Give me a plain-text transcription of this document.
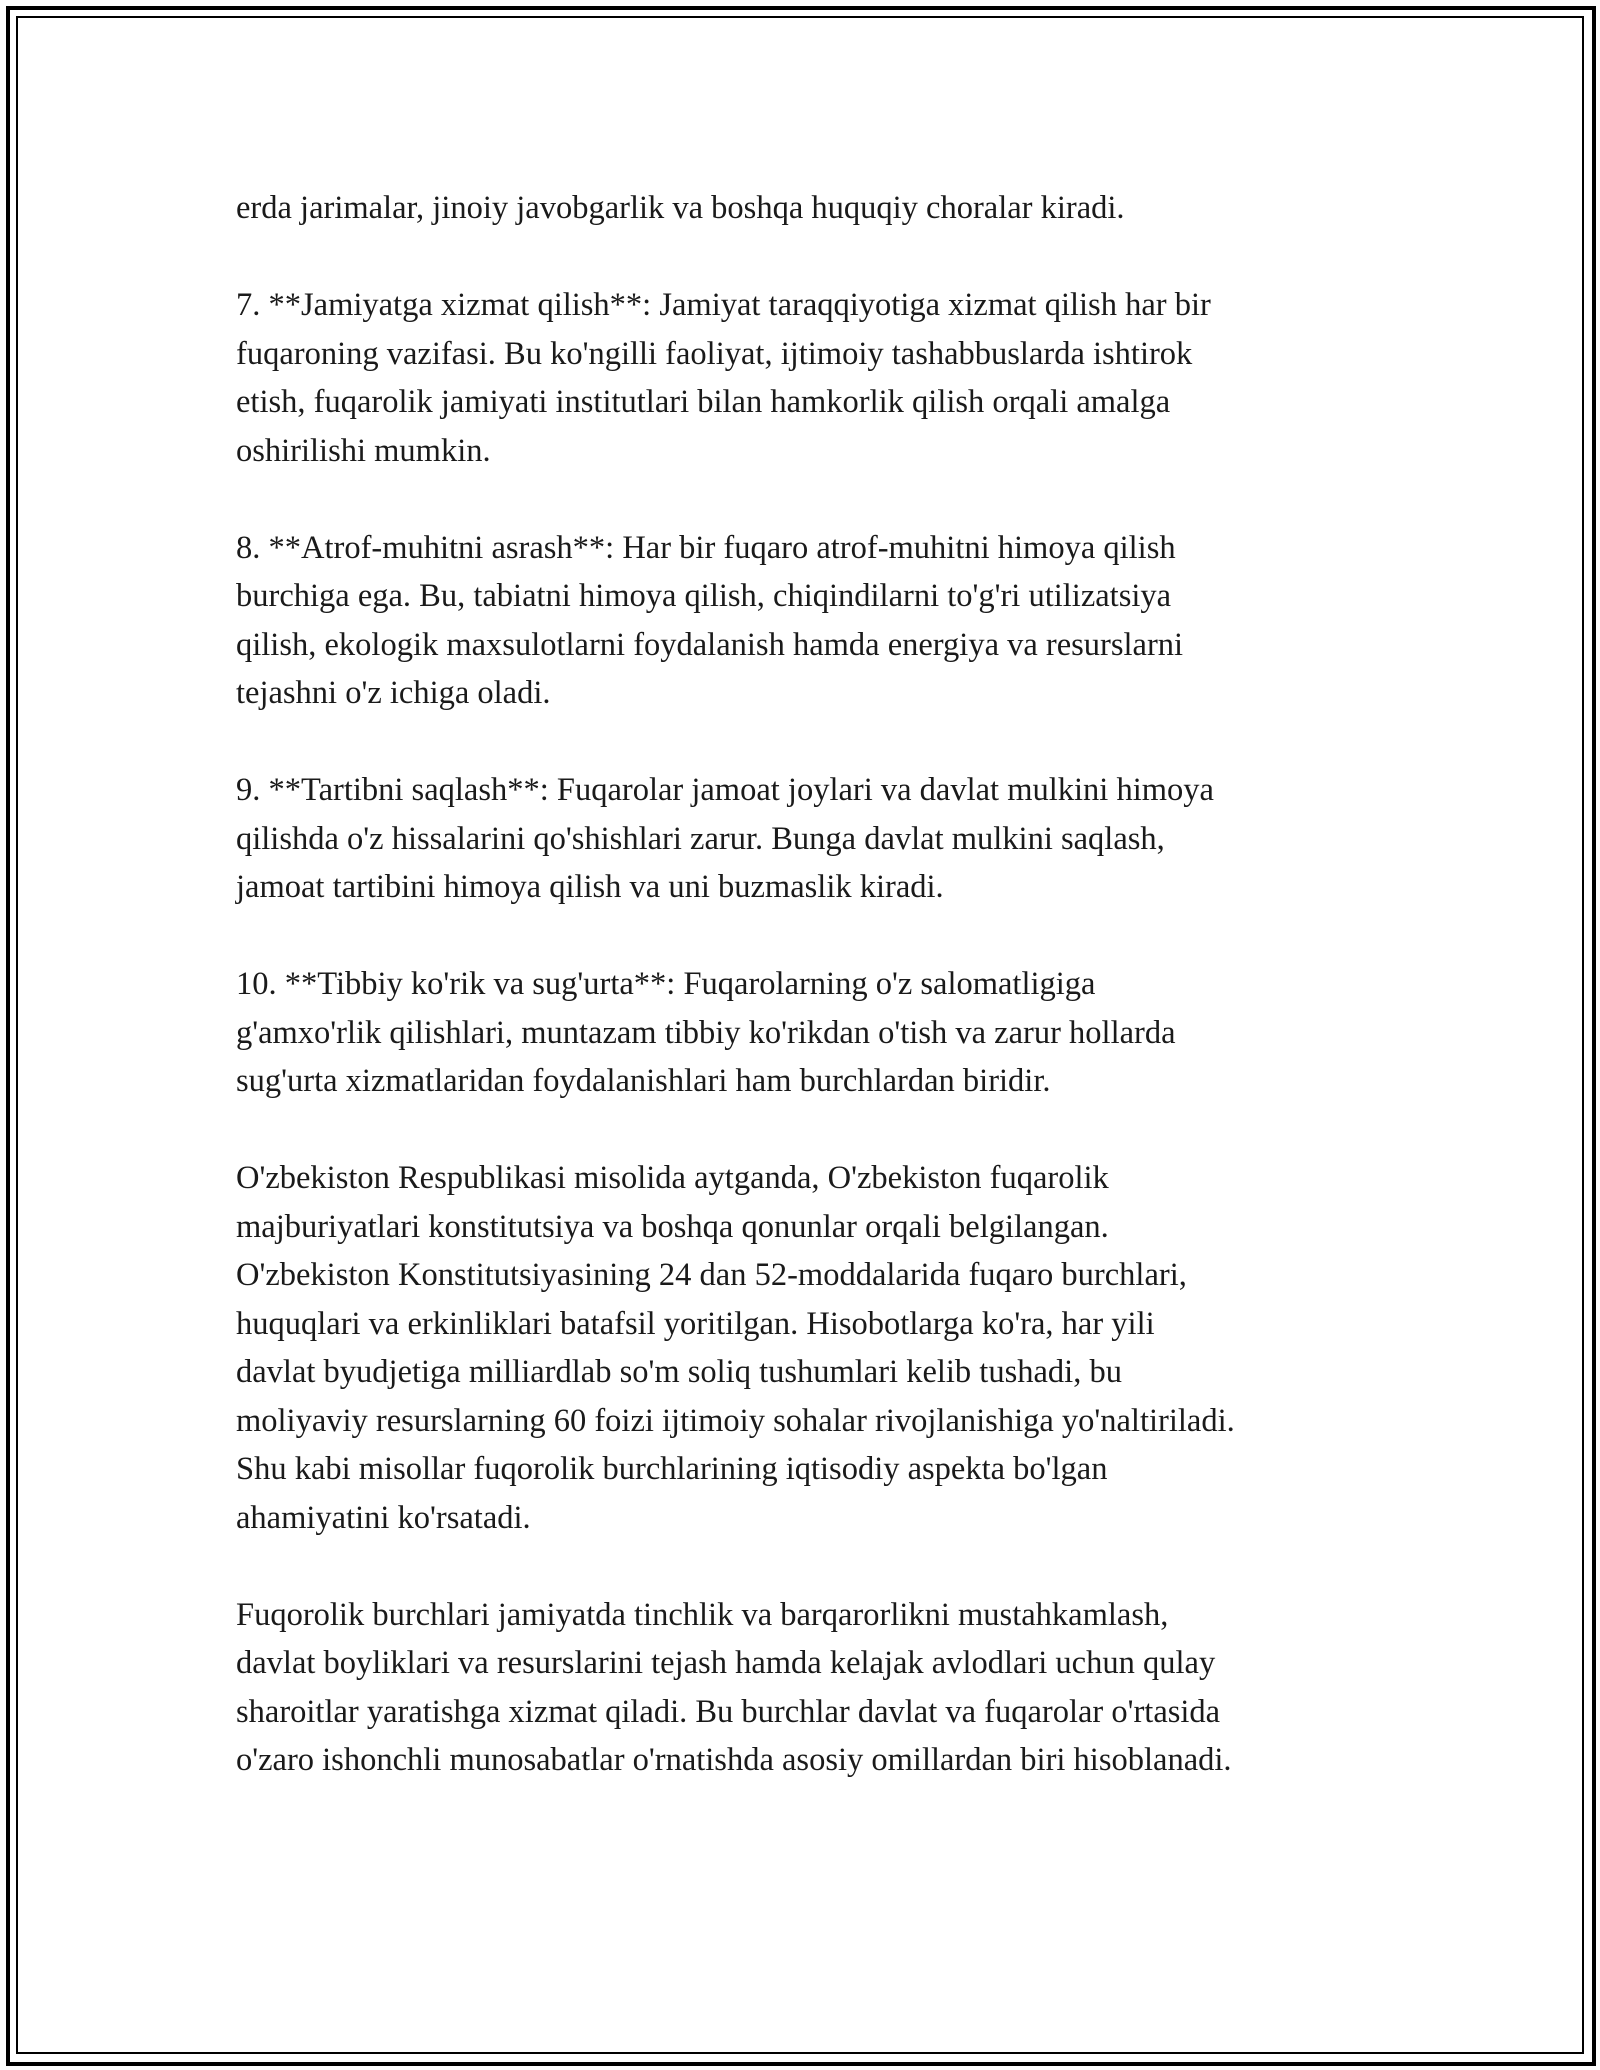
erda jarimalar, jinoiy javobgarlik va boshqa huquqiy choralar kiradi.

7. **Jamiyatga xizmat qilish**: Jamiyat taraqqiyotiga xizmat qilish har bir
fuqaroning vazifasi. Bu ko'ngilli faoliyat, ijtimoiy tashabbuslarda ishtirok
etish, fuqarolik jamiyati institutlari bilan hamkorlik qilish orqali amalga
oshirilishi mumkin.

8. **Atrof-muhitni asrash**: Har bir fuqaro atrof-muhitni himoya qilish
burchiga ega. Bu, tabiatni himoya qilish, chiqindilarni to'g'ri utilizatsiya
qilish, ekologik maxsulotlarni foydalanish hamda energiya va resurslarni
tejashni o'z ichiga oladi.

9. **Tartibni saqlash**: Fuqarolar jamoat joylari va davlat mulkini himoya
qilishda o'z hissalarini qo'shishlari zarur. Bunga davlat mulkini saqlash,
jamoat tartibini himoya qilish va uni buzmaslik kiradi.

10. **Tibbiy ko'rik va sug'urta**: Fuqarolarning o'z salomatligiga
g'amxo'rlik qilishlari, muntazam tibbiy ko'rikdan o'tish va zarur hollarda
sug'urta xizmatlaridan foydalanishlari ham burchlardan biridir.

O'zbekiston Respublikasi misolida aytganda, O'zbekiston fuqarolik
majburiyatlari konstitutsiya va boshqa qonunlar orqali belgilangan.
O'zbekiston Konstitutsiyasining 24 dan 52-moddalarida fuqaro burchlari,
huquqlari va erkinliklari batafsil yoritilgan. Hisobotlarga ko'ra, har yili
davlat byudjetiga milliardlab so'm soliq tushumlari kelib tushadi, bu
moliyaviy resurslarning 60 foizi ijtimoiy sohalar rivojlanishiga yo'naltiriladi.
Shu kabi misollar fuqorolik burchlarining iqtisodiy aspekta bo'lgan
ahamiyatini ko'rsatadi.

Fuqorolik burchlari jamiyatda tinchlik va barqarorlikni mustahkamlash,
davlat boyliklari va resurslarini tejash hamda kelajak avlodlari uchun qulay
sharoitlar yaratishga xizmat qiladi. Bu burchlar davlat va fuqarolar o'rtasida
o'zaro ishonchli munosabatlar o'rnatishda asosiy omillardan biri hisoblanadi.
